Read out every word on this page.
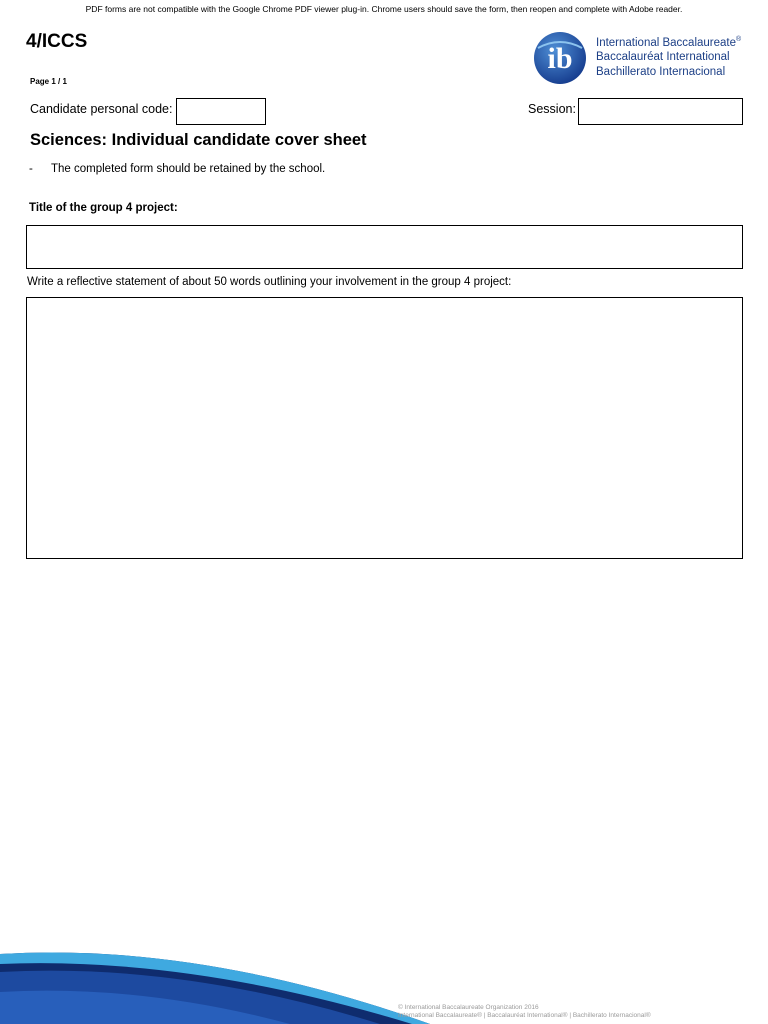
PDF forms are not compatible with the Google Chrome PDF viewer plug-in. Chrome users should save the form, then reopen and complete with Adobe reader.
4/ICCS
Page 1 / 1
ib International Baccalaureate®
Baccalauréat International
Bachillerato Internacional
Candidate personal code:	Session:
Sciences: Individual candidate cover sheet
- The completed form should be retained by the school.
Title of the group 4 project:
Write a reflective statement of about 50 words outlining your involvement in the group 4 project:
© International Baccalaureate Organization 2016
International Baccalaureate® | Baccalauréat International® | Bachillerato Internacional®
